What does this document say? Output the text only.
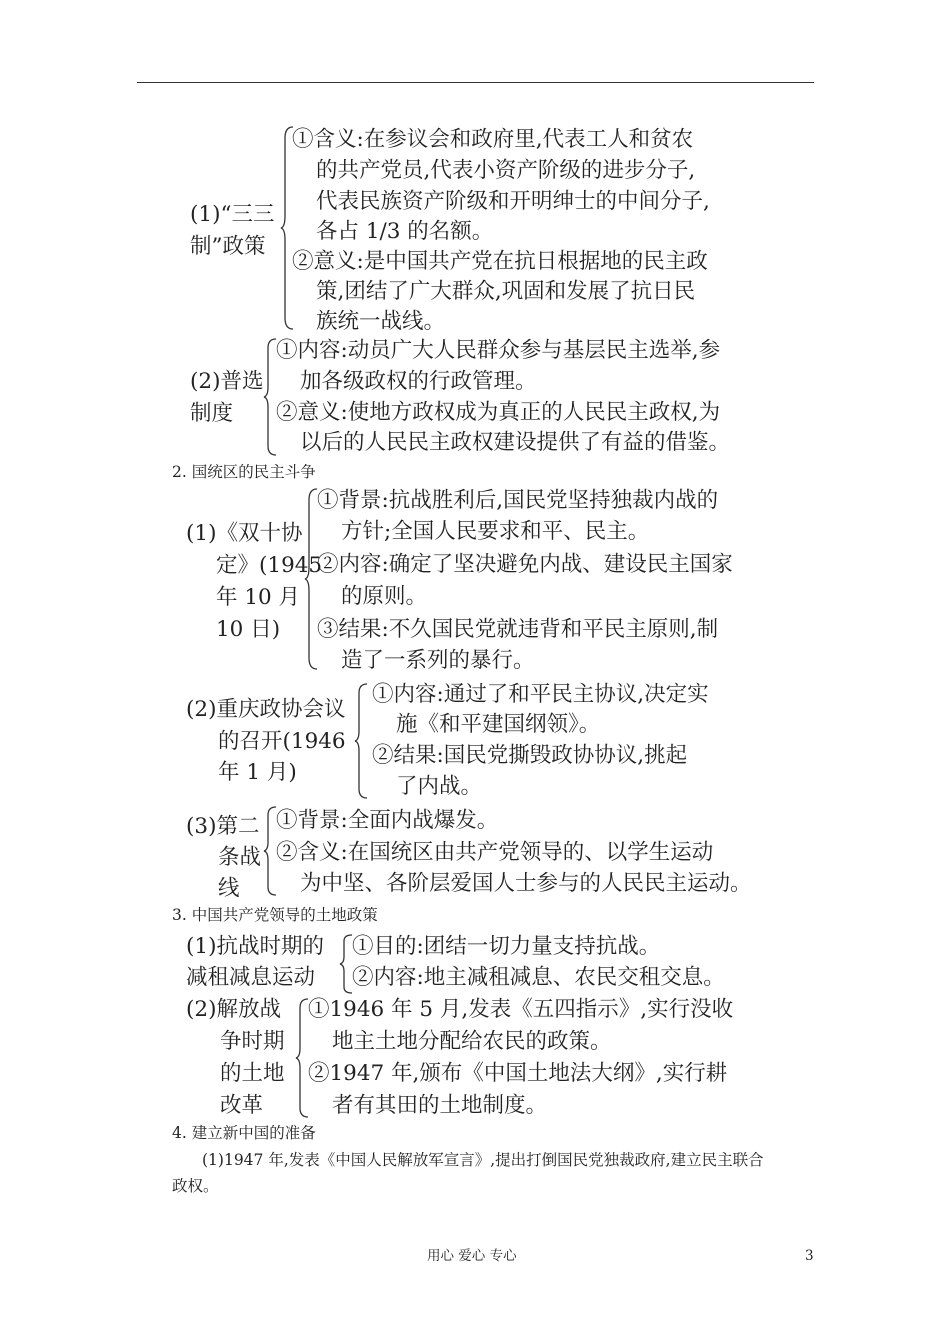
(1)“三三
制”政策
①含义:在参议会和政府里,代表工人和贫农
的共产党员,代表小资产阶级的进步分子,
代表民族资产阶级和开明绅士的中间分子,
各占 1/3 的名额。
②意义:是中国共产党在抗日根据地的民主政
策,团结了广大群众,巩固和发展了抗日民
族统一战线。
(2)普选
制度
①内容:动员广大人民群众参与基层民主选举,参
加各级政权的行政管理。
②意义:使地方政权成为真正的人民民主政权,为
以后的人民民主政权建设提供了有益的借鉴。
2. 国统区的民主斗争
(1)《双十协
定》(1945
年 10 月
10 日)
①背景:抗战胜利后,国民党坚持独裁内战的
方针;全国人民要求和平、民主。
②内容:确定了坚决避免内战、建设民主国家
的原则。
③结果:不久国民党就违背和平民主原则,制
造了一系列的暴行。
(2)重庆政协会议
的召开(1946
年 1 月)
①内容:通过了和平民主协议,决定实
施《和平建国纲领》。
②结果:国民党撕毁政协协议,挑起
了内战。
(3)第二
条战
线
①背景:全面内战爆发。
②含义:在国统区由共产党领导的、以学生运动
为中坚、各阶层爱国人士参与的人民民主运动。
3. 中国共产党领导的土地政策
(1)抗战时期的
减租减息运动
①目的:团结一切力量支持抗战。
②内容:地主减租减息、农民交租交息。
(2)解放战
争时期
的土地
改革
①1946 年 5 月,发表《五四指示》,实行没收
地主土地分配给农民的政策。
②1947 年,颁布《中国土地法大纲》,实行耕
者有其田的土地制度。
4. 建立新中国的准备
(1)1947 年,发表《中国人民解放军宣言》,提出打倒国民党独裁政府,建立民主联合
政权。
用心 爱心 专心	3
